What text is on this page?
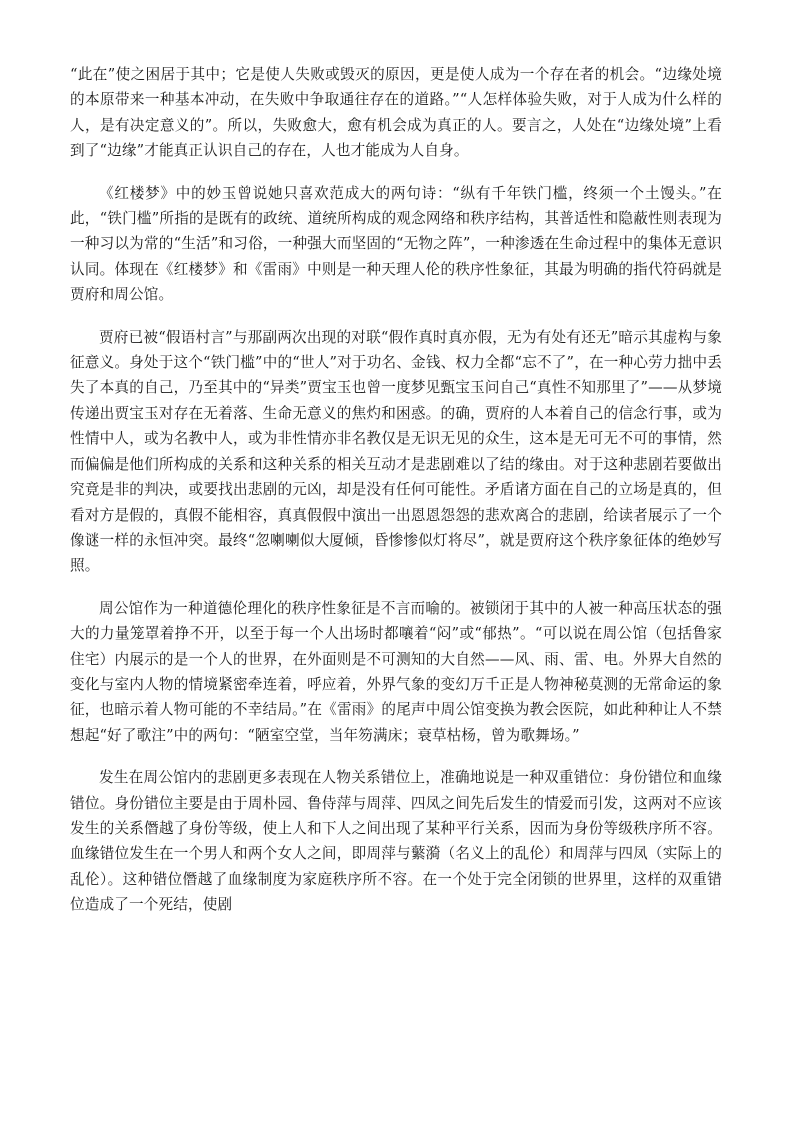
“此在”使之困居于其中；它是使人失败或毁灭的原因，更是使人成为一个存在者的机会。“边缘处境的本原带来一种基本冲动，在失败中争取通往存在的道路。”“人怎样体验失败，对于人成为什么样的人，是有决定意义的”。所以，失败愈大，愈有机会成为真正的人。要言之，人处在“边缘处境”上看到了“边缘”才能真正认识自己的存在，人也才能成为人自身。

《红楼梦》中的妙玉曾说她只喜欢范成大的两句诗：“纵有千年铁门槛，终须一个土馒头。”在此，“铁门槛”所指的是既有的政统、道统所构成的观念网络和秩序结构，其普适性和隐蔽性则表现为一种习以为常的“生活”和习俗，一种强大而坚固的“无物之阵”，一种渗透在生命过程中的集体无意识认同。体现在《红楼梦》和《雷雨》中则是一种天理人伦的秩序性象征，其最为明确的指代符码就是贾府和周公馆。

贾府已被“假语村言”与那副两次出现的对联“假作真时真亦假，无为有处有还无”暗示其虚构与象征意义。身处于这个“铁门槛”中的“世人”对于功名、金钱、权力全都“忘不了”，在一种心劳力拙中丢失了本真的自己，乃至其中的“异类”贾宝玉也曾一度梦见甄宝玉问自己“真性不知那里了”——从梦境传递出贾宝玉对存在无着落、生命无意义的焦灼和困惑。的确，贾府的人本着自己的信念行事，或为性情中人，或为名教中人，或为非性情亦非名教仅是无识无见的众生，这本是无可无不可的事情，然而偏偏是他们所构成的关系和这种关系的相关互动才是悲剧难以了结的缘由。对于这种悲剧若要做出究竟是非的判决，或要找出悲剧的元凶，却是没有任何可能性。矛盾诸方面在自己的立场是真的，但看对方是假的，真假不能相容，真真假假中演出一出恩恩怨怨的悲欢离合的悲剧，给读者展示了一个像谜一样的永恒冲突。最终“忽喇喇似大厦倾，昏惨惨似灯将尽”，就是贾府这个秩序象征体的绝妙写照。

周公馆作为一种道德伦理化的秩序性象征是不言而喻的。被锁闭于其中的人被一种高压状态的强大的力量笼罩着挣不开，以至于每一个人出场时都嚷着“闷”或“郁热”。“可以说在周公馆（包括鲁家住宅）内展示的是一个人的世界，在外面则是不可测知的大自然——风、雨、雷、电。外界大自然的变化与室内人物的情境紧密牵连着，呼应着，外界气象的变幻万千正是人物神秘莫测的无常命运的象征，也暗示着人物可能的不幸结局。”在《雷雨》的尾声中周公馆变换为教会医院，如此种种让人不禁想起“好了歌注”中的两句：“陋室空堂，当年笏满床；衰草枯杨，曾为歌舞场。”

发生在周公馆内的悲剧更多表现在人物关系错位上，准确地说是一种双重错位：身份错位和血缘错位。身份错位主要是由于周朴园、鲁侍萍与周萍、四凤之间先后发生的情爱而引发，这两对不应该发生的关系僭越了身份等级，使上人和下人之间出现了某种平行关系，因而为身份等级秩序所不容。血缘错位发生在一个男人和两个女人之间，即周萍与蘩漪（名义上的乱伦）和周萍与四凤（实际上的乱伦）。这种错位僭越了血缘制度为家庭秩序所不容。在一个处于完全闭锁的世界里，这样的双重错位造成了一个死结，使剧
